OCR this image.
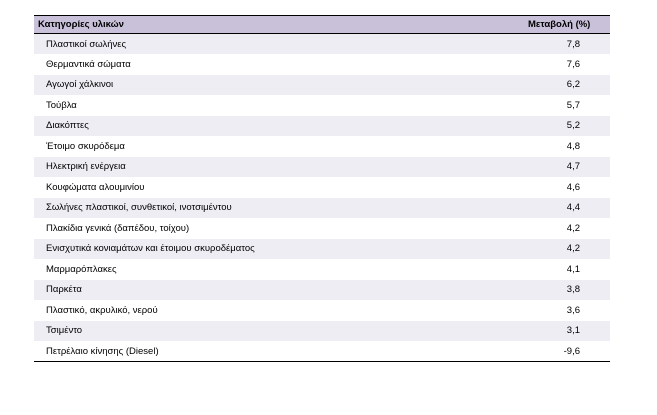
Κατηγορίες υλικών	Μεταβολή (%)
Πλαστικοί σωλήνες	7,8
Θερμαντικά σώματα	7,6
Αγωγοί χάλκινοι	6,2
Τούβλα	5,7
Διακόπτες	5,2
Έτοιμο σκυρόδεμα	4,8
Ηλεκτρική ενέργεια	4,7
Κουφώματα αλουμινίου	4,6
Σωλήνες πλαστικοί, συνθετικοί, ινοτσιμέντου	4,4
Πλακίδια γενικά (δαπέδου, τοίχου)	4,2
Ενισχυτικά κονιαμάτων και έτοιμου σκυροδέματος	4,2
Μαρμαρόπλακες	4,1
Παρκέτα	3,8
Πλαστικό, ακρυλικό, νερού	3,6
Τσιμέντο	3,1
Πετρέλαιο κίνησης (Diesel)	-9,6
